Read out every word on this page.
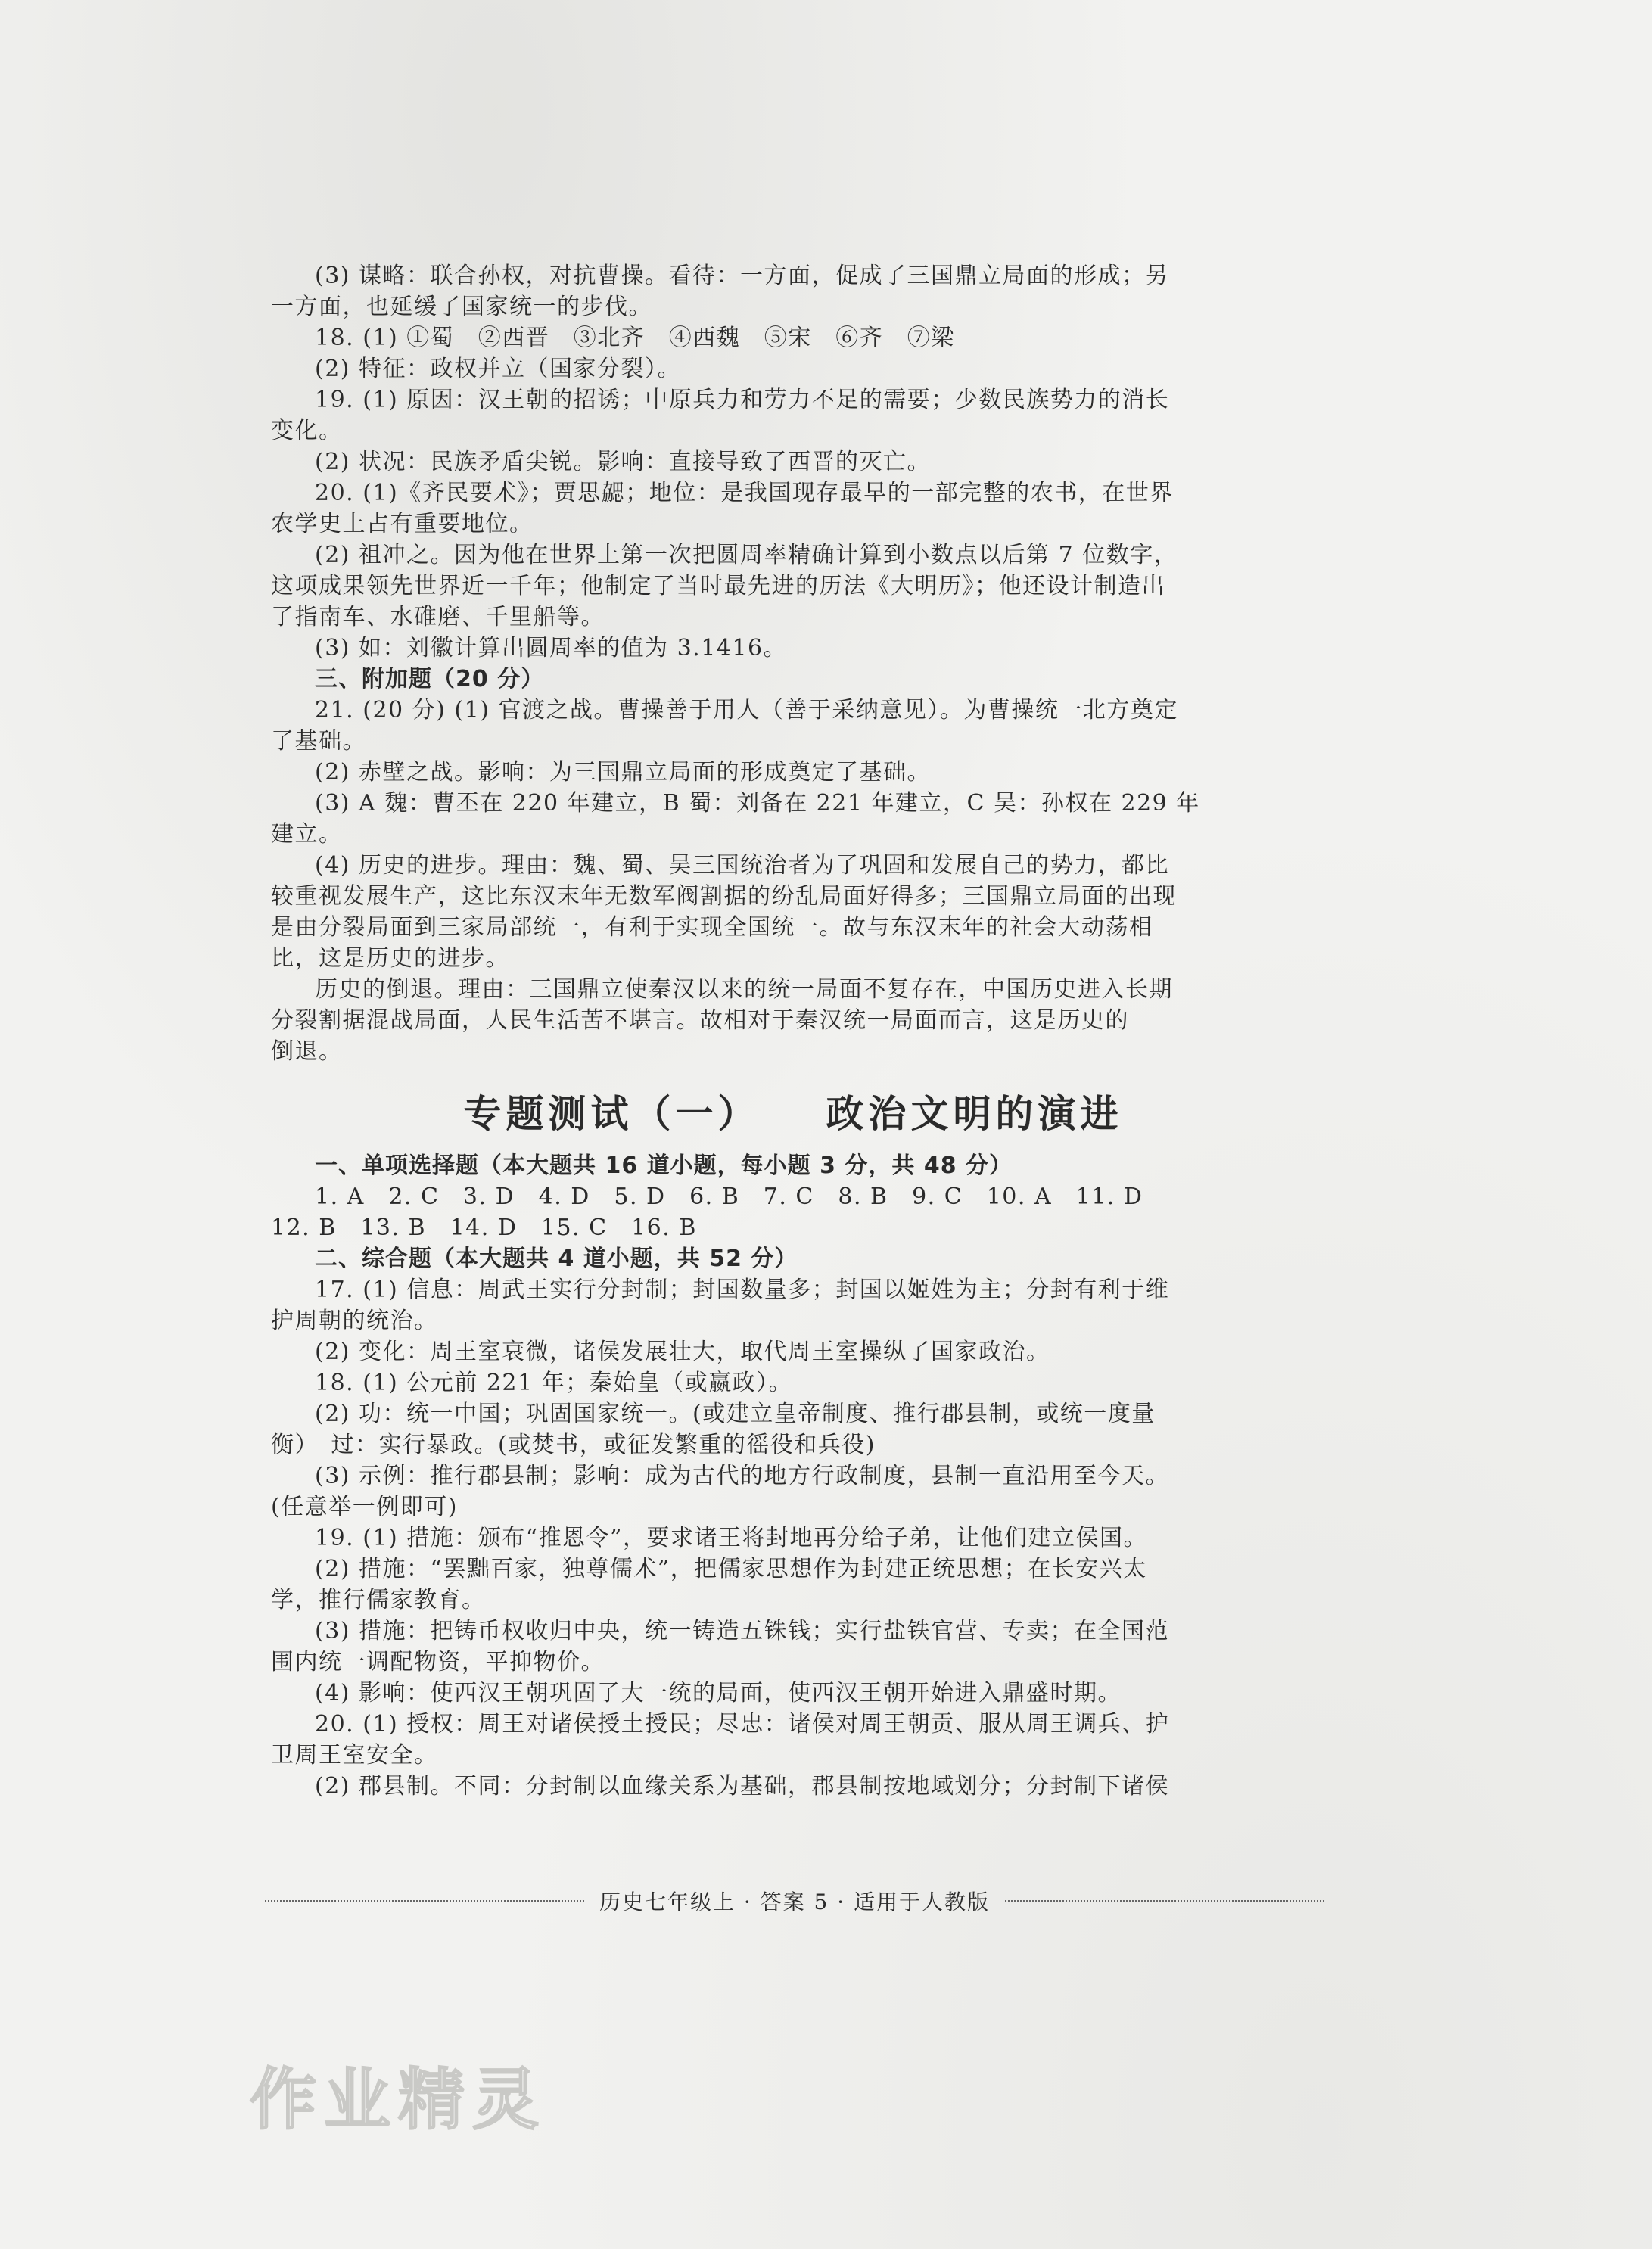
(3) 谋略：联合孙权，对抗曹操。看待：一方面，促成了三国鼎立局面的形成；另
一方面，也延缓了国家统一的步伐。
18. (1) ①蜀　②西晋　③北齐　④西魏　⑤宋　⑥齐　⑦梁
(2) 特征：政权并立（国家分裂）。
19. (1) 原因：汉王朝的招诱；中原兵力和劳力不足的需要；少数民族势力的消长
变化。
(2) 状况：民族矛盾尖锐。影响：直接导致了西晋的灭亡。
20. (1)《齐民要术》；贾思勰；地位：是我国现存最早的一部完整的农书，在世界
农学史上占有重要地位。
(2) 祖冲之。因为他在世界上第一次把圆周率精确计算到小数点以后第 7 位数字，
这项成果领先世界近一千年；他制定了当时最先进的历法《大明历》；他还设计制造出
了指南车、水碓磨、千里船等。
(3) 如：刘徽计算出圆周率的值为 3.1416。
三、附加题（20 分）
21. (20 分) (1) 官渡之战。曹操善于用人（善于采纳意见）。为曹操统一北方奠定
了基础。
(2) 赤壁之战。影响：为三国鼎立局面的形成奠定了基础。
(3) A 魏：曹丕在 220 年建立，B 蜀：刘备在 221 年建立，C 吴：孙权在 229 年
建立。
(4) 历史的进步。理由：魏、蜀、吴三国统治者为了巩固和发展自己的势力，都比
较重视发展生产，这比东汉末年无数军阀割据的纷乱局面好得多；三国鼎立局面的出现
是由分裂局面到三家局部统一，有利于实现全国统一。故与东汉末年的社会大动荡相
比，这是历史的进步。
历史的倒退。理由：三国鼎立使秦汉以来的统一局面不复存在，中国历史进入长期
分裂割据混战局面，人民生活苦不堪言。故相对于秦汉统一局面而言，这是历史的
倒退。
专题测试（一）　　政治文明的演进
一、单项选择题（本大题共 16 道小题，每小题 3 分，共 48 分）
1. A　2. C　3. D　4. D　5. D　6. B　7. C　8. B　9. C　10. A　11. D
12. B　13. B　14. D　15. C　16. B
二、综合题（本大题共 4 道小题，共 52 分）
17. (1) 信息：周武王实行分封制；封国数量多；封国以姬姓为主；分封有利于维
护周朝的统治。
(2) 变化：周王室衰微，诸侯发展壮大，取代周王室操纵了国家政治。
18. (1) 公元前 221 年；秦始皇（或嬴政）。
(2) 功：统一中国；巩固国家统一。(或建立皇帝制度、推行郡县制，或统一度量
衡）　过：实行暴政。(或焚书，或征发繁重的徭役和兵役)
(3) 示例：推行郡县制；影响：成为古代的地方行政制度，县制一直沿用至今天。
(任意举一例即可)
19. (1) 措施：颁布“推恩令”，要求诸王将封地再分给子弟，让他们建立侯国。
(2) 措施：“罢黜百家，独尊儒术”，把儒家思想作为封建正统思想；在长安兴太
学，推行儒家教育。
(3) 措施：把铸币权收归中央，统一铸造五铢钱；实行盐铁官营、专卖；在全国范
围内统一调配物资，平抑物价。
(4) 影响：使西汉王朝巩固了大一统的局面，使西汉王朝开始进入鼎盛时期。
20. (1) 授权：周王对诸侯授土授民；尽忠：诸侯对周王朝贡、服从周王调兵、护
卫周王室安全。
(2) 郡县制。不同：分封制以血缘关系为基础，郡县制按地域划分；分封制下诸侯
历史七年级上 · 答案 5 · 适用于人教版
作业精灵
